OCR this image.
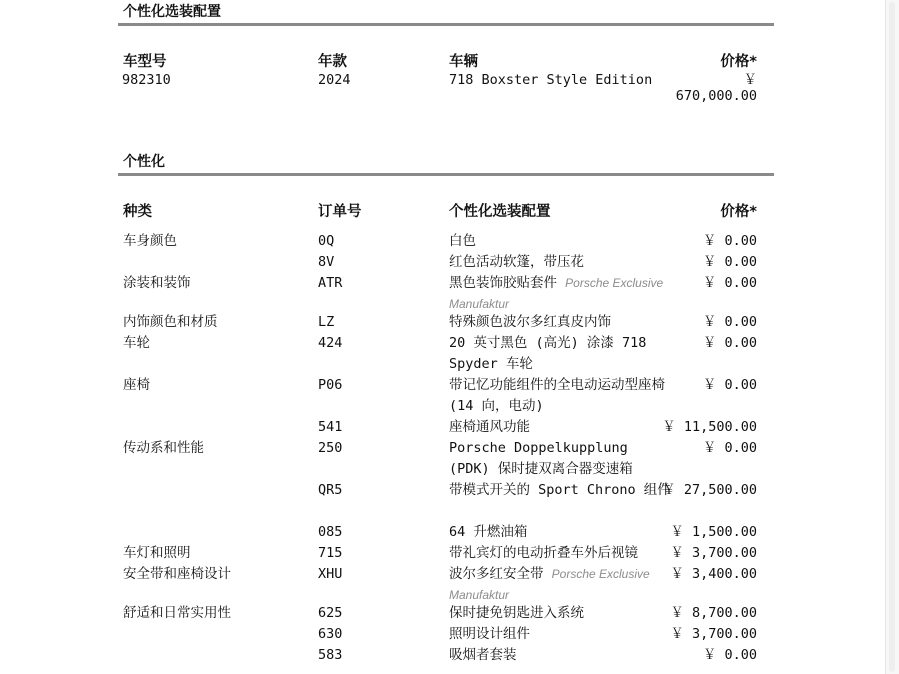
个性化选装配置
车型号	年款	车辆	价格*
982310	2024	718 Boxster Style Edition	￥
670,000.00
个性化
种类	订单号	个性化选装配置	价格*
车身颜色	0Q	白色	￥ 0.00
8V	红色活动软篷，带压花	￥ 0.00
涂装和装饰	ATR	黑色装饰胶贴套件 Porsche Exclusive Manufaktur
￥ 0.00
内饰颜色和材质	LZ	特殊颜色波尔多红真皮内饰	￥ 0.00
车轮	424	20 英寸黑色 (高光) 涂漆 718 Spyder 车轮
￥ 0.00
座椅	P06	带记忆功能组件的全电动运动型座椅 (14 向，电动)
￥ 0.00
541	座椅通风功能	￥ 11,500.00
传动系和性能	250	Porsche Doppelkupplung (PDK) 保时捷双离合器变速箱
￥ 0.00
QR5	带模式开关的 Sport Chrono 组件
￥ 27,500.00
085	64 升燃油箱	￥ 1,500.00
车灯和照明	715	带礼宾灯的电动折叠车外后视镜	￥ 3,700.00
安全带和座椅设计	XHU	波尔多红安全带 Porsche Exclusive Manufaktur
￥ 3,400.00
舒适和日常实用性	625	保时捷免钥匙进入系统	￥ 8,700.00
630	照明设计组件	￥ 3,700.00
583	吸烟者套装	￥ 0.00
